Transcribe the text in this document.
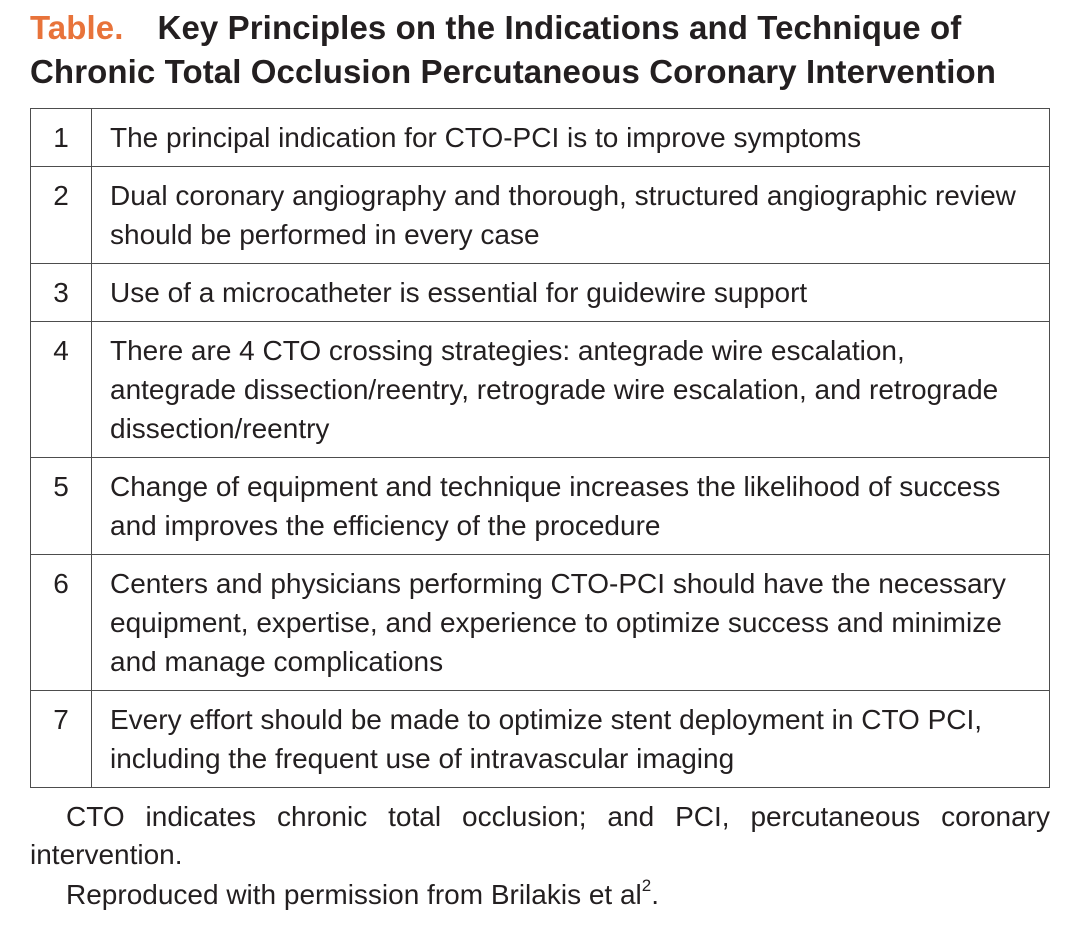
Table. Key Principles on the Indications and Technique of Chronic Total Occlusion Percutaneous Coronary Intervention
1	The principal indication for CTO-PCI is to improve symptoms
2	Dual coronary angiography and thorough, structured angiographic review should be performed in every case
3	Use of a microcatheter is essential for guidewire support
4	There are 4 CTO crossing strategies: antegrade wire escalation, antegrade dissection/reentry, retrograde wire escalation, and retrograde dissection/reentry
5	Change of equipment and technique increases the likelihood of success and improves the efficiency of the procedure
6	Centers and physicians performing CTO-PCI should have the necessary equipment, expertise, and experience to optimize success and minimize and manage complications
7	Every effort should be made to optimize stent deployment in CTO PCI, including the frequent use of intravascular imaging
CTO indicates chronic total occlusion; and PCI, percutaneous coronary intervention.
Reproduced with permission from Brilakis et $al^2$.
